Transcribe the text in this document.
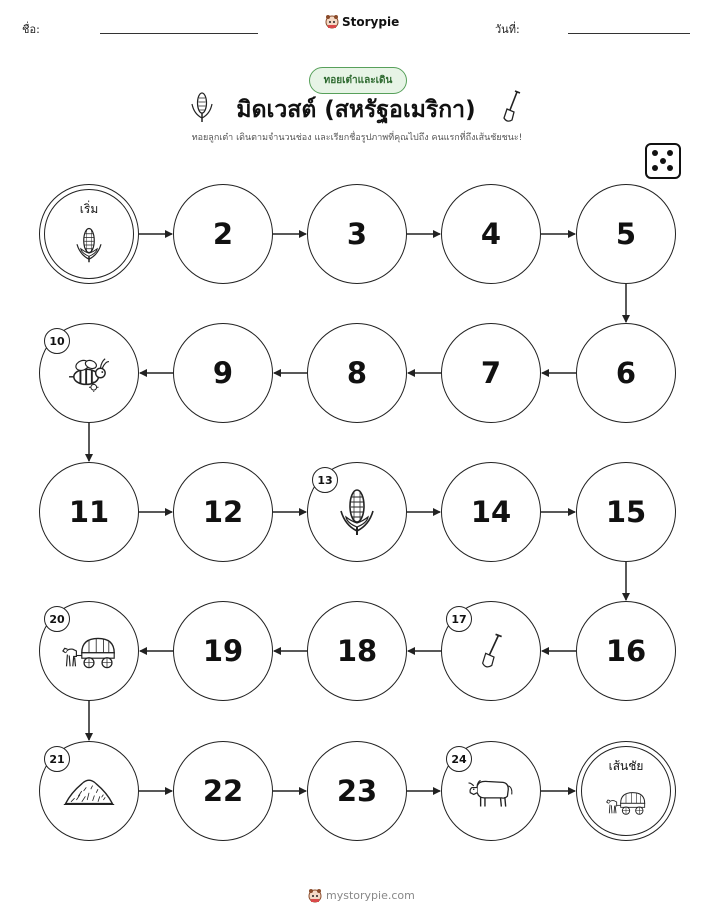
ชื่อ:
Storypie
วันที่:
ทอยเต๋าและเดิน
มิดเวสต์ (สหรัฐอเมริกา)
ทอยลูกเต๋า เดินตามจำนวนช่อง และเรียกชื่อรูปภาพที่คุณไปถึง คนแรกที่ถึงเส้นชัยชนะ!
เริ่ม
2	3	4	5
6
7
8
9
10
11	12
13
14	15
16
17
18
19
20
21
22	23
24	เส้นชัย
mystorypie.com
